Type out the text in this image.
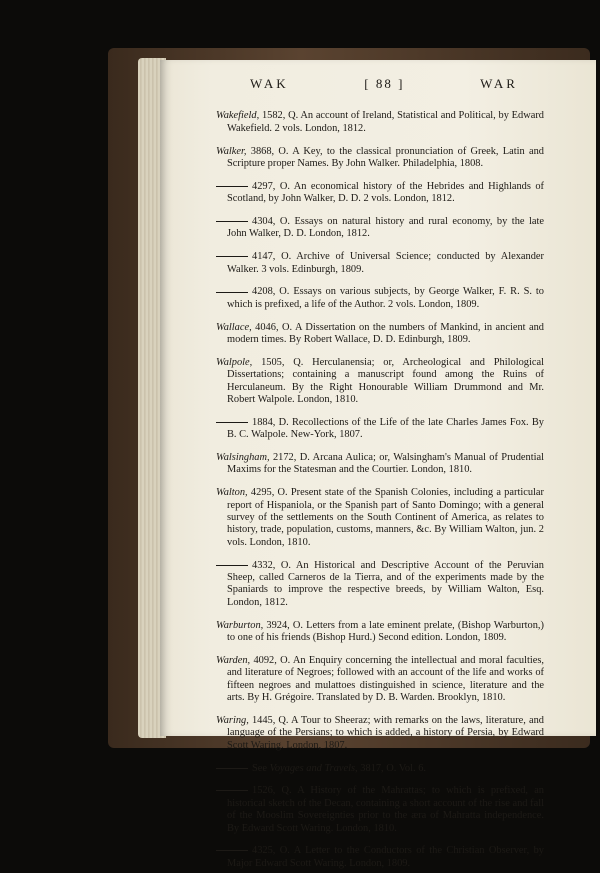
WAK	[ 88 ]	WAR

Wakefield, 1582, Q. An account of Ireland, Statistical and Political, by Edward Wakefield. 2 vols. London, 1812.

Walker, 3868, O. A Key, to the classical pronunciation of Greek, Latin and Scripture proper Names. By John Walker. Philadelphia, 1808.

4297, O. An economical history of the Hebrides and Highlands of Scotland, by John Walker, D. D. 2 vols. London, 1812.

4304, O. Essays on natural history and rural economy, by the late John Walker, D. D. London, 1812.

4147, O. Archive of Universal Science; conducted by Alexander Walker. 3 vols. Edinburgh, 1809.

4208, O. Essays on various subjects, by George Walker, F. R. S. to which is prefixed, a life of the Author. 2 vols. London, 1809.

Wallace, 4046, O. A Dissertation on the numbers of Mankind, in ancient and modern times. By Robert Wallace, D. D. Edinburgh, 1809.

Walpole, 1505, Q. Herculanensia; or, Archeological and Philological Dissertations; containing a manuscript found among the Ruins of Herculaneum. By the Right Honourable William Drummond and Mr. Robert Walpole. London, 1810.

1884, D. Recollections of the Life of the late Charles James Fox. By B. C. Walpole. New-York, 1807.

Walsingham, 2172, D. Arcana Aulica; or, Walsingham's Manual of Prudential Maxims for the Statesman and the Courtier. London, 1810.

Walton, 4295, O. Present state of the Spanish Colonies, including a particular report of Hispaniola, or the Spanish part of Santo Domingo; with a general survey of the settlements on the South Continent of America, as relates to history, trade, population, customs, manners, &c. By William Walton, jun. 2 vols. London, 1810.

4332, O. An Historical and Descriptive Account of the Peruvian Sheep, called Carneros de la Tierra, and of the experiments made by the Spaniards to improve the respective breeds, by William Walton, Esq. London, 1812.

Warburton, 3924, O. Letters from a late eminent prelate, (Bishop Warburton,) to one of his friends (Bishop Hurd.) Second edition. London, 1809.

Warden, 4092, O. An Enquiry concerning the intellectual and moral faculties, and literature of Negroes; followed with an account of the life and works of fifteen negroes and mulattoes distinguished in science, literature and the arts. By H. Grégoire. Translated by D. B. Warden. Brooklyn, 1810.

Waring, 1445, Q. A Tour to Sheeraz; with remarks on the laws, literature, and language of the Persians; to which is added, a history of Persia, by Edward Scott Waring. London, 1807.

See Voyages and Travels, 3817, O. Vol. 6.

1526, Q. A History of the Mahrattas; to which is prefixed, an historical sketch of the Decan, containing a short account of the rise and fall of the Mooslim Sovereignties prior to the æra of Mahratta independence. By Edward Scott Waring. London, 1810.

4325, O. A Letter to the Conductors of the Christian Observer, by Major Edward Scott Waring. London, 1809.
